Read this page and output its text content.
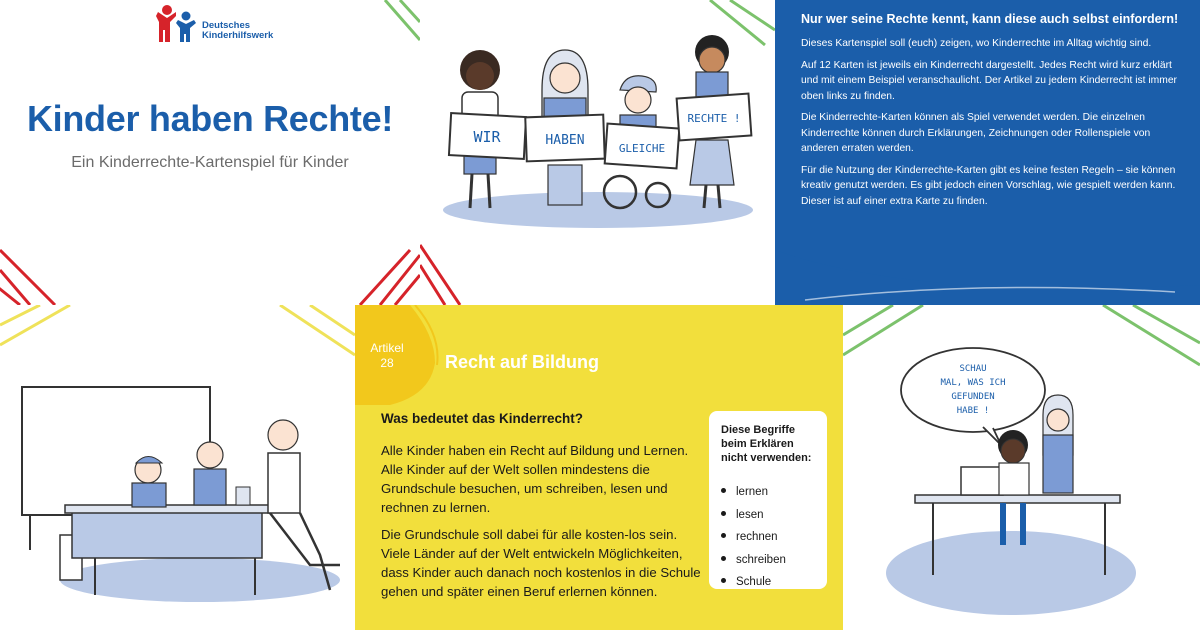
Deutsches
Kinderhilfswerk
Kinder haben Rechte!
Ein Kinderrechte-Kartenspiel für Kinder
WIR	HABEN
GLEICHE
RECHTE !
Nur wer seine Rechte kennt, kann diese auch selbst einfordern!
Dieses Kartenspiel soll (euch) zeigen, wo Kinderrechte im Alltag wichtig sind.
Auf 12 Karten ist jeweils ein Kinderrecht dargestellt. Jedes Recht wird kurz erklärt und mit einem Beispiel veranschaulicht. Der Artikel zu jedem Kinderrecht ist immer oben links zu finden.
Die Kinderrechte-Karten können als Spiel verwendet werden. Die einzelnen Kinderrechte können durch Erklärungen, Zeichnungen oder Rollenspiele von anderen erraten werden.
Für die Nutzung der Kinderrechte-Karten gibt es keine festen Regeln – sie können kreativ genutzt werden. Es gibt jedoch einen Vorschlag, wie gespielt werden kann. Dieser ist auf einer extra Karte zu finden.
Artikel
28	Recht auf Bildung
Was bedeutet das Kinderrecht?

Alle Kinder haben ein Recht auf Bildung und Lernen. Alle Kinder auf der Welt sollen mindestens die Grundschule besuchen, um schreiben, lesen und rechnen zu lernen.

Die Grundschule soll dabei für alle kosten-los sein. Viele Länder auf der Welt entwickeln Möglichkeiten, dass Kinder auch danach noch kostenlos in die Schule gehen und später einen Beruf erlernen können.

Diese Begriffe beim Erklären nicht verwenden:
lernen
lesen
rechnen
schreiben
Schule
SCHAU
MAL, WAS ICH
GEFUNDEN
HABE !
